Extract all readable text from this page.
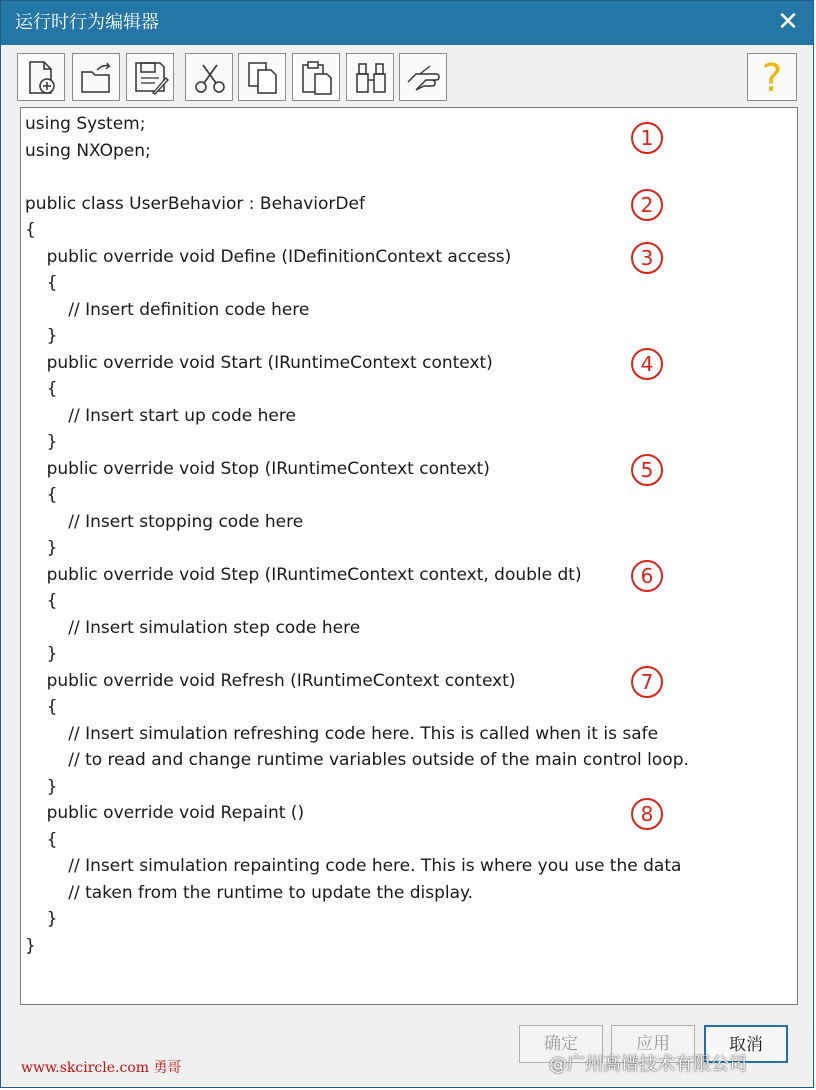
运行时行为编辑器	✕
?
using System;
using NXOpen;
public class UserBehavior : BehaviorDef
{
public override void Define (IDefinitionContext access)
{
// Insert definition code here
}
public override void Start (IRuntimeContext context)
{
// Insert start up code here
}
public override void Stop (IRuntimeContext context)
{
// Insert stopping code here
}
public override void Step (IRuntimeContext context, double dt)
{
// Insert simulation step code here
}
public override void Refresh (IRuntimeContext context)
{
// Insert simulation refreshing code here. This is called when it is safe
// to read and change runtime variables outside of the main control loop.
}
public override void Repaint ()
{
// Insert simulation repainting code here. This is where you use the data
// taken from the runtime to update the display.
}
}
1
2
3
4
5
6
7
8
确定	应用	取消
www.skcircle.com 勇哥	@广州高谱技术有限公司
